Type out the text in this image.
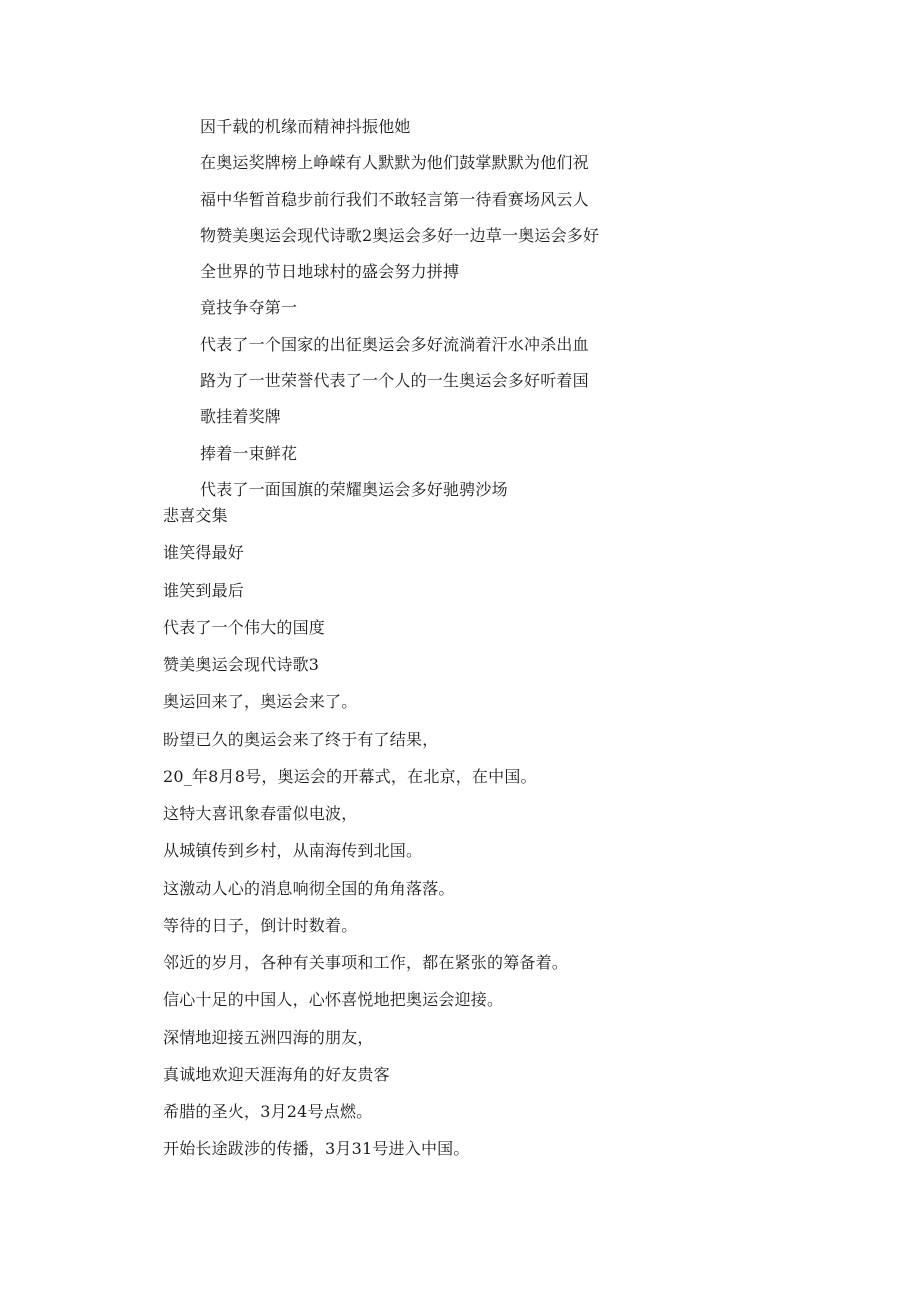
因千载的机缘而精神抖振他她
在奥运奖牌榜上峥嵘有人默默为他们鼓掌默默为他们祝
福中华暂首稳步前行我们不敢轻言第一待看赛场风云人
物赞美奥运会现代诗歌2奥运会多好一边草一奥运会多好
全世界的节日地球村的盛会努力拼搏
竟技争夺第一
代表了一个国家的出征奥运会多好流淌着汗水冲杀出血
路为了一世荣誉代表了一个人的一生奥运会多好听着国
歌挂着奖牌
捧着一束鲜花
代表了一面国旗的荣耀奥运会多好驰骋沙场
悲喜交集
谁笑得最好
谁笑到最后
代表了一个伟大的国度
赞美奥运会现代诗歌3
奥运回来了，奥运会来了。
盼望已久的奥运会来了终于有了结果，
20_年8月8号，奥运会的开幕式，在北京，在中国。
这特大喜讯象春雷似电波，
从城镇传到乡村，从南海传到北国。
这激动人心的消息响彻全国的角角落落。
等待的日子，倒计时数着。
邻近的岁月，各种有关事项和工作，都在紧张的筹备着。
信心十足的中国人，心怀喜悦地把奥运会迎接。
深情地迎接五洲四海的朋友，
真诚地欢迎天涯海角的好友贵客
希腊的圣火，3月24号点燃。
开始长途跋涉的传播，3月31号进入中国。
